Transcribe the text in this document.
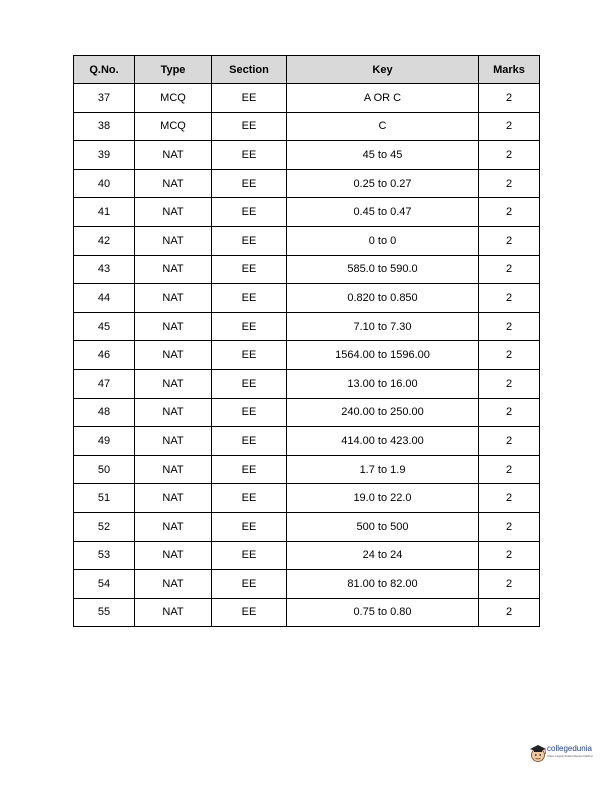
Q.No.	Type	Section	Key	Marks
37	MCQ	EE	A OR C	2
38	MCQ	EE	C	2
39	NAT	EE	45 to 45	2
40	NAT	EE	0.25 to 0.27	2
41	NAT	EE	0.45 to 0.47	2
42	NAT	EE	0 to 0	2
43	NAT	EE	585.0 to 590.0	2
44	NAT	EE	0.820 to 0.850	2
45	NAT	EE	7.10 to 7.30	2
46	NAT	EE	1564.00 to 1596.00	2
47	NAT	EE	13.00 to 16.00	2
48	NAT	EE	240.00 to 250.00	2
49	NAT	EE	414.00 to 423.00	2
50	NAT	EE	1.7 to 1.9	2
51	NAT	EE	19.0 to 22.0	2
52	NAT	EE	500 to 500	2
53	NAT	EE	24 to 24	2
54	NAT	EE	81.00 to 82.00	2
55	NAT	EE	0.75 to 0.80	2
collegedunia
India's Largest Student Review Platform
